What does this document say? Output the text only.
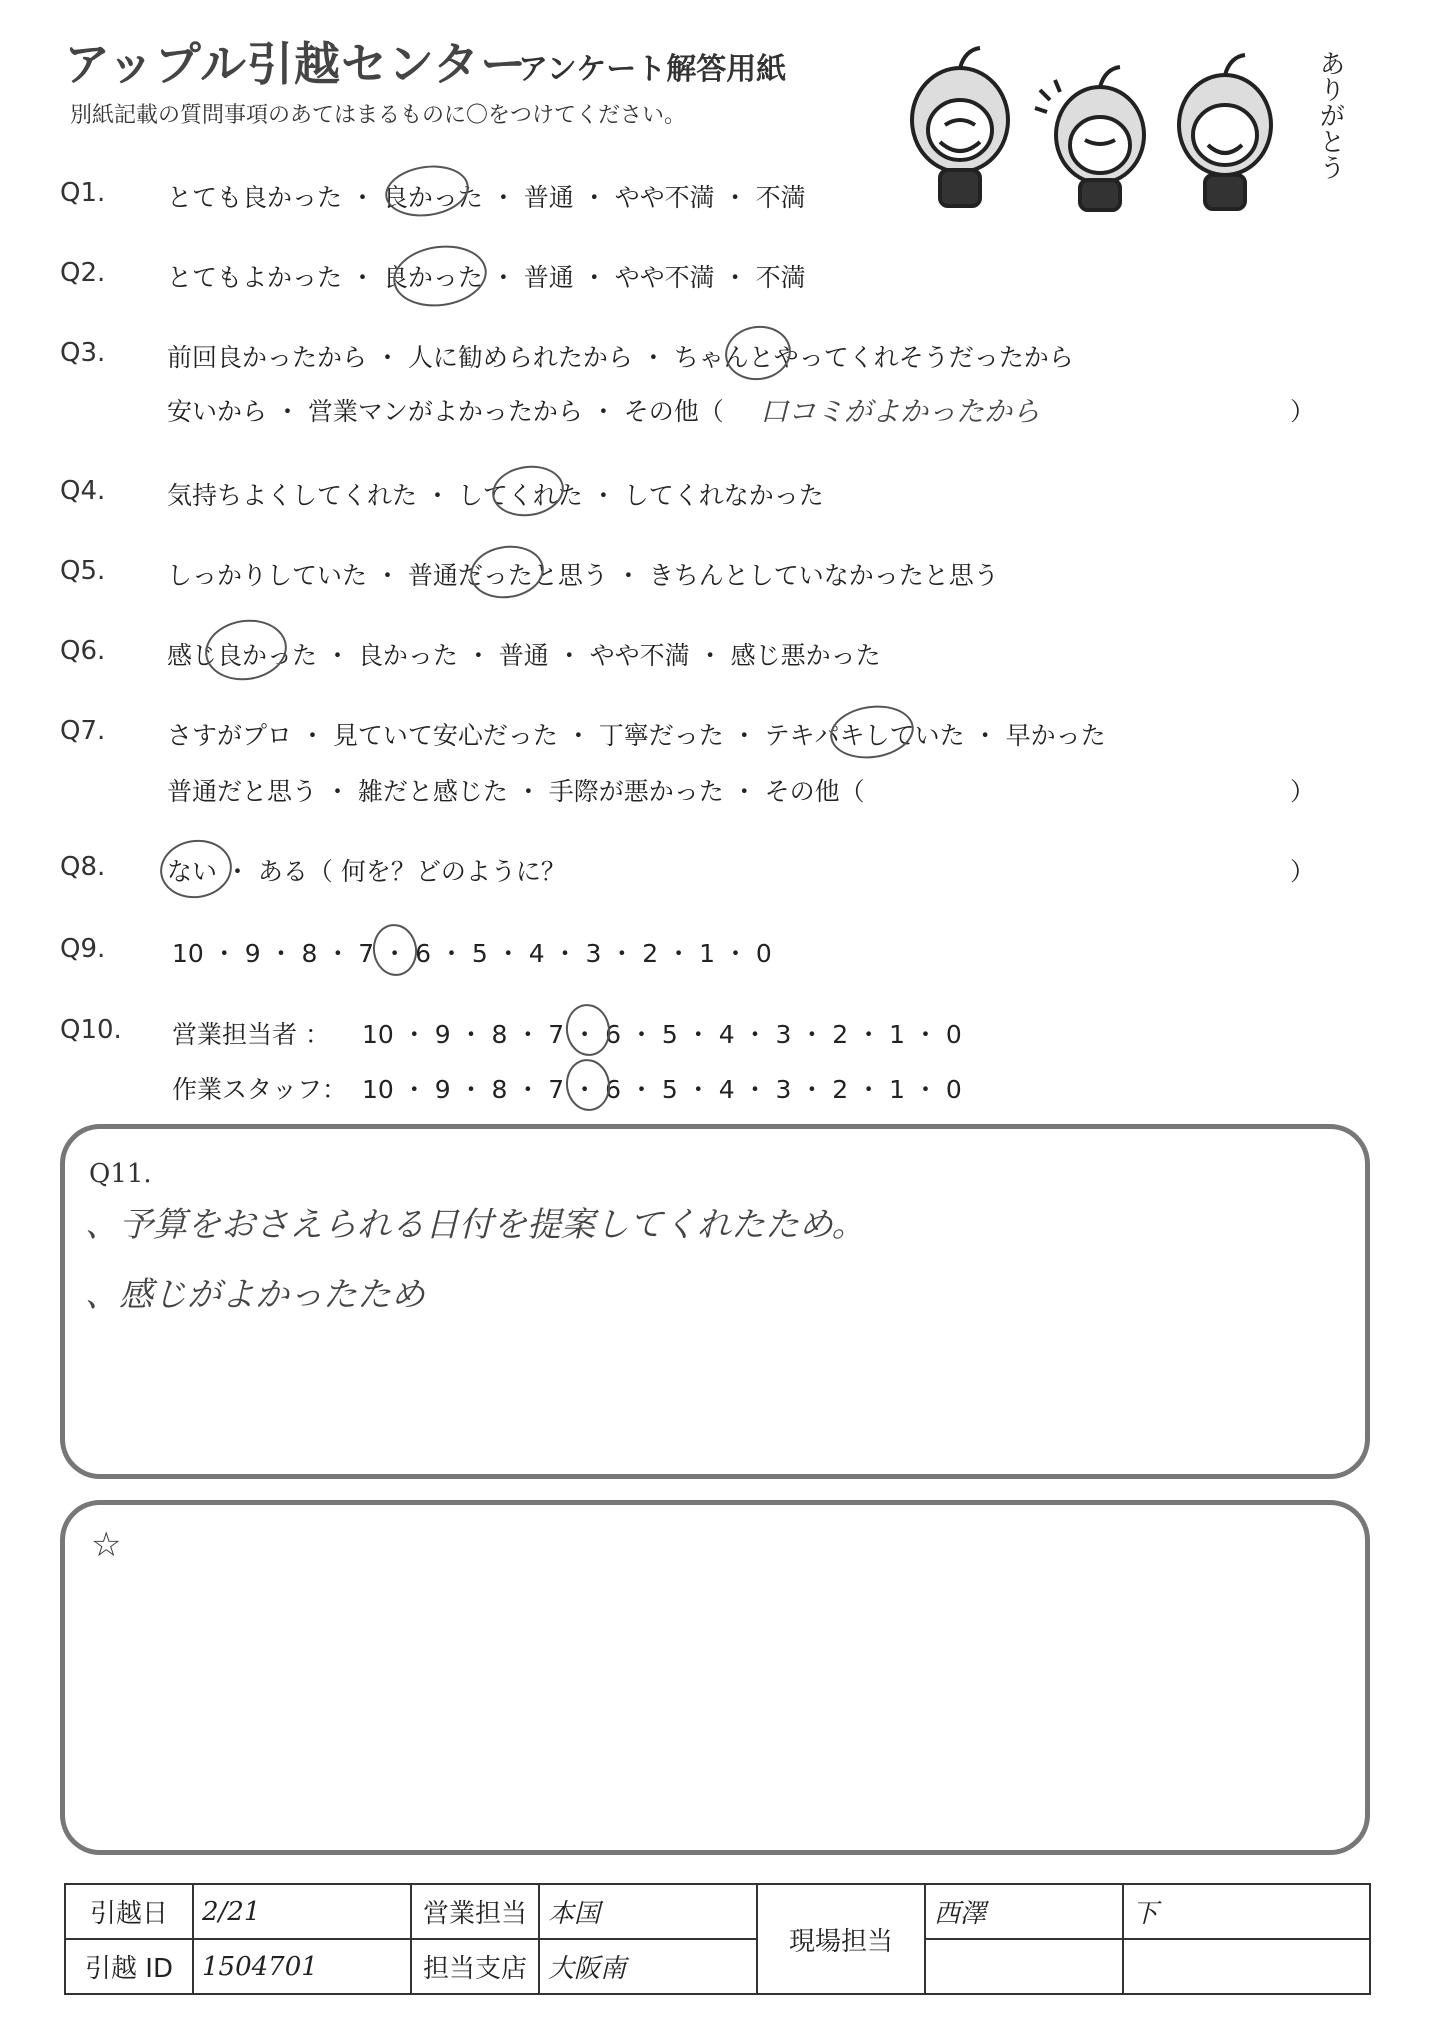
アップル引越センター
アンケート解答用紙
別紙記載の質問事項のあてはまるものに〇をつけてください。	ありがとう
Q1. とても良かった ・ 良かった ・ 普通 ・ やや不満 ・ 不満
Q2. とてもよかった ・ 良かった ・ 普通 ・ やや不満 ・ 不満
Q3. 前回良かったから ・ 人に勧められたから ・ ちゃんとやってくれそうだったから
安いから ・ 営業マンがよかったから ・ その他（ 口コミがよかったから	）
Q4. 気持ちよくしてくれた ・ してくれた ・ してくれなかった
Q5. しっかりしていた ・ 普通だったと思う ・ きちんとしていなかったと思う
Q6. 感じ良かった ・ 良かった ・ 普通 ・ やや不満 ・ 感じ悪かった
Q7. さすがプロ ・ 見ていて安心だった ・ 丁寧だった ・ テキパキしていた ・ 早かった
普通だと思う ・ 雑だと感じた ・ 手際が悪かった ・ その他（	）
Q8. ない ・ ある（ 何を？どのように？	）
Q9.	10 ・ 9 ・ 8 ・ 7 ・ 6 ・ 5 ・ 4 ・ 3 ・ 2 ・ 1 ・ 0
Q10. 営業担当者 ： 10 ・ 9 ・ 8 ・ 7 ・ 6 ・ 5 ・ 4 ・ 3 ・ 2 ・ 1 ・ 0
作業スタッフ： 10 ・ 9 ・ 8 ・ 7 ・ 6 ・ 5 ・ 4 ・ 3 ・ 2 ・ 1 ・ 0
Q11.
、予算をおさえられる日付を提案してくれたため。
、感じがよかったため
☆
引越日	2/21	営業担当	本国	現場担当	西澤	下
引越 ID	1504701	担当支店	大阪南			
